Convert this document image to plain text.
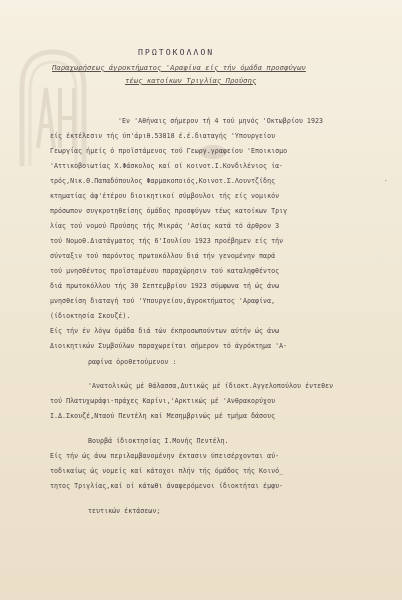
ΠΡΩΤΟΚΟΛΛΟΝ
Παραχωρήσεως άγροκτήματος 'Αραφίνα είς τήν όμάδα προσφύγων
τέως κατοίκων Τριγλίας Προύσης
'Εν 'Αθήναις σήμερον τή 4 τού μηνός 'Οκτωβρίου 1923
είς έκτέλεσιν τής ύπ'άριθ.53818 έ.έ.διαταγής 'Υπουργείου
Γεωργίας ήμείς ό προϊστάμενος τού Γεωργ.γραφείου 'Εποικισμο
'Αττικοβοιωτίας Χ.Φάσκολος καί οί κοινοτ.Ι.Κονδιλένιος ία-
τρός,Νικ.Θ.Παπαδόπουλος Φαρμακοποιός,Κοινοτ.Σ.Λουντζίδης
κτηματίας άφ'έτέρου διοικητικοί σύμβουλοι τής είς νομικόν
πρόσωπον συγκροτηθείσης όμάδος προσφύγων τέως κατοίκων Τριγ
λίας τού νομού Προύσης τής Μικράς 'Ασίας κατά τό άρθρον 3
τού Νομοθ.Διατάγματος τής 6'Ιουλίου 1923 προέβημεν είς τήν
σύνταξιν τού παρόντος πρωτοκόλλου διά τήν γενομένην παρά
τού μνησθέντος προϊσταμένου παραχώρησιν τού καταληφθέντος
διά πρωτοκόλλου τής 30 Σεπτεμβρίου 1923 σύμφωνα τή ώς άνω
μνησθείση διαταγή τού 'Υπουργείου,άγροκτήματος 'Αραφίνα,
(ίδιοκτησία Σκουζέ).
Είς τήν έν λόγω όμάδα διά τών έκπροσωπούντων αύτήν ώς άνω
Διοικητικών Συμβούλων παραχωρείται σήμερον τό άγρόκτημα 'Α-
ραφίνα όροθετούμενον :
.
'Ανατολικώς μέ θάλασσα,Δυτικώς μέ ίδιοκτ.Αγγελοπούλου έντεθεν
τού Πλατυχωράφι-πράχες Καρίνι,'Αρκτικώς μέ 'Ανθρακορύχου
Ι.Δ.Σκουζέ,Νταού Πεντέλη καί Μεσημβρινώς μέ τμήμα δάσους
Βουρβά ίδιοκτησίας Ι.Μονής Πεντέλη.
Είς τήν ώς άνω περιλαμβανομένην έκτασιν ύπεισέρχονται αύ-
τοδικαίως ώς νομείς καί κάτοχοι πλήν τής όμάδος τής Κοινό_
τητος Τριγλίας,καί οί κάτωθι άναφερόμενοι ίδιοκτήται έμφυ-
τευτικών έκτάσεων;
